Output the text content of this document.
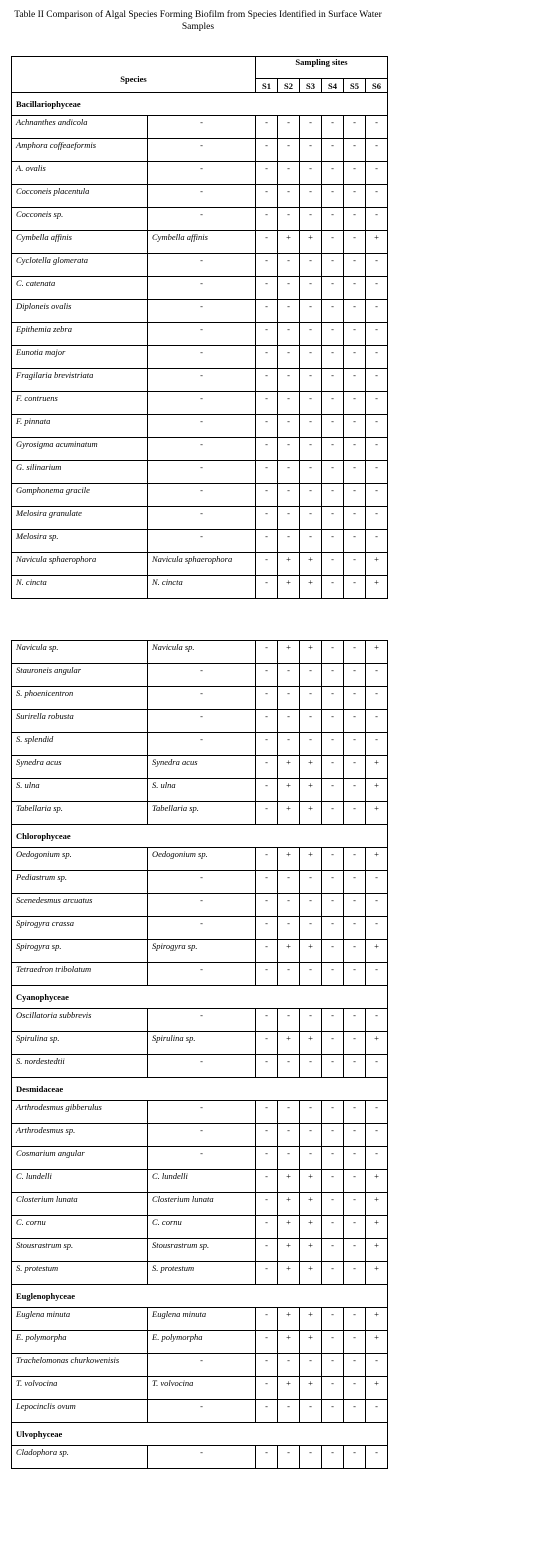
Table II Comparison of Algal Species Forming Biofilm from Species Identified in Surface Water Samples
Species		Sampling sites					
		S1	S2	S3	S4	S5	S6
Bacillariophyceae							
Achnanthes andicola	-	-	-	-	-	-	-
Amphora coffeaeformis	-	-	-	-	-	-	-
A. ovalis	-	-	-	-	-	-	-
Cocconeis placentula	-	-	-	-	-	-	-
Cocconeis sp.	-	-	-	-	-	-	-
Cymbella affinis	Cymbella affinis	-	+	+	-	-	+
Cyclotella glomerata	-	-	-	-	-	-	-
C. catenata	-	-	-	-	-	-	-
Diploneis ovalis	-	-	-	-	-	-	-
Epithemia zebra	-	-	-	-	-	-	-
Eunotia major	-	-	-	-	-	-	-
Fragilaria brevistriata	-	-	-	-	-	-	-
F. contruens	-	-	-	-	-	-	-
F. pinnata	-	-	-	-	-	-	-
Gyrosigma acuminatum	-	-	-	-	-	-	-
G. silinarium	-	-	-	-	-	-	-
Gomphonema gracile	-	-	-	-	-	-	-
Melosira granulate	-	-	-	-	-	-	-
Melosira sp.	-	-	-	-	-	-	-
Navicula sphaerophora	Navicula sphaerophora	-	+	+	-	-	+
N. cincta	N. cincta	-	+	+	-	-	+
Navicula sp.	Navicula sp.	-	+	+	-	-	+
Stauroneis angular	-	-	-	-	-	-	-
S. phoenicentron	-	-	-	-	-	-	-
Surirella robusta	-	-	-	-	-	-	-
S. splendid	-	-	-	-	-	-	-
Synedra acus	Synedra acus	-	+	+	-	-	+
S. ulna	S. ulna	-	+	+	-	-	+
Tabellaria sp.	Tabellaria sp.	-	+	+	-	-	+
Chlorophyceae							
Oedogonium sp.	Oedogonium sp.	-	+	+	-	-	+
Pediastrum sp.	-	-	-	-	-	-	-
Scenedesmus arcuatus	-	-	-	-	-	-	-
Spirogyra crassa	-	-	-	-	-	-	-
Spirogyra sp.	Spirogyra sp.	-	+	+	-	-	+
Tetraedron tribolatum	-	-	-	-	-	-	-
Cyanophyceae							
Oscillatoria subbrevis	-	-	-	-	-	-	-
Spirulina sp.	Spirulina sp.	-	+	+	-	-	+
S. nordestedtii	-	-	-	-	-	-	-
Desmidaceae							
Arthrodesmus gibberulus	-	-	-	-	-	-	-
Arthrodesmus sp.	-	-	-	-	-	-	-
Cosmarium angular	-	-	-	-	-	-	-
C. lundelli	C. lundelli	-	+	+	-	-	+
Closterium lunata	Closterium lunata	-	+	+	-	-	+
C. cornu	C. cornu	-	+	+	-	-	+
Stousrastrum sp.	Stousrastrum sp.	-	+	+	-	-	+
S. protestum	S. protestum	-	+	+	-	-	+
Euglenophyceae							
Euglena minuta	Euglena minuta	-	+	+	-	-	+
E. polymorpha	E. polymorpha	-	+	+	-	-	+
Trachelomonas churkowenisis	-	-	-	-	-	-	-
T. volvocina	T. volvocina	-	+	+	-	-	+
Lepocinclis ovum	-	-	-	-	-	-	-
Ulvophyceae							
Cladophora sp.	-	-	-	-	-	-	-
